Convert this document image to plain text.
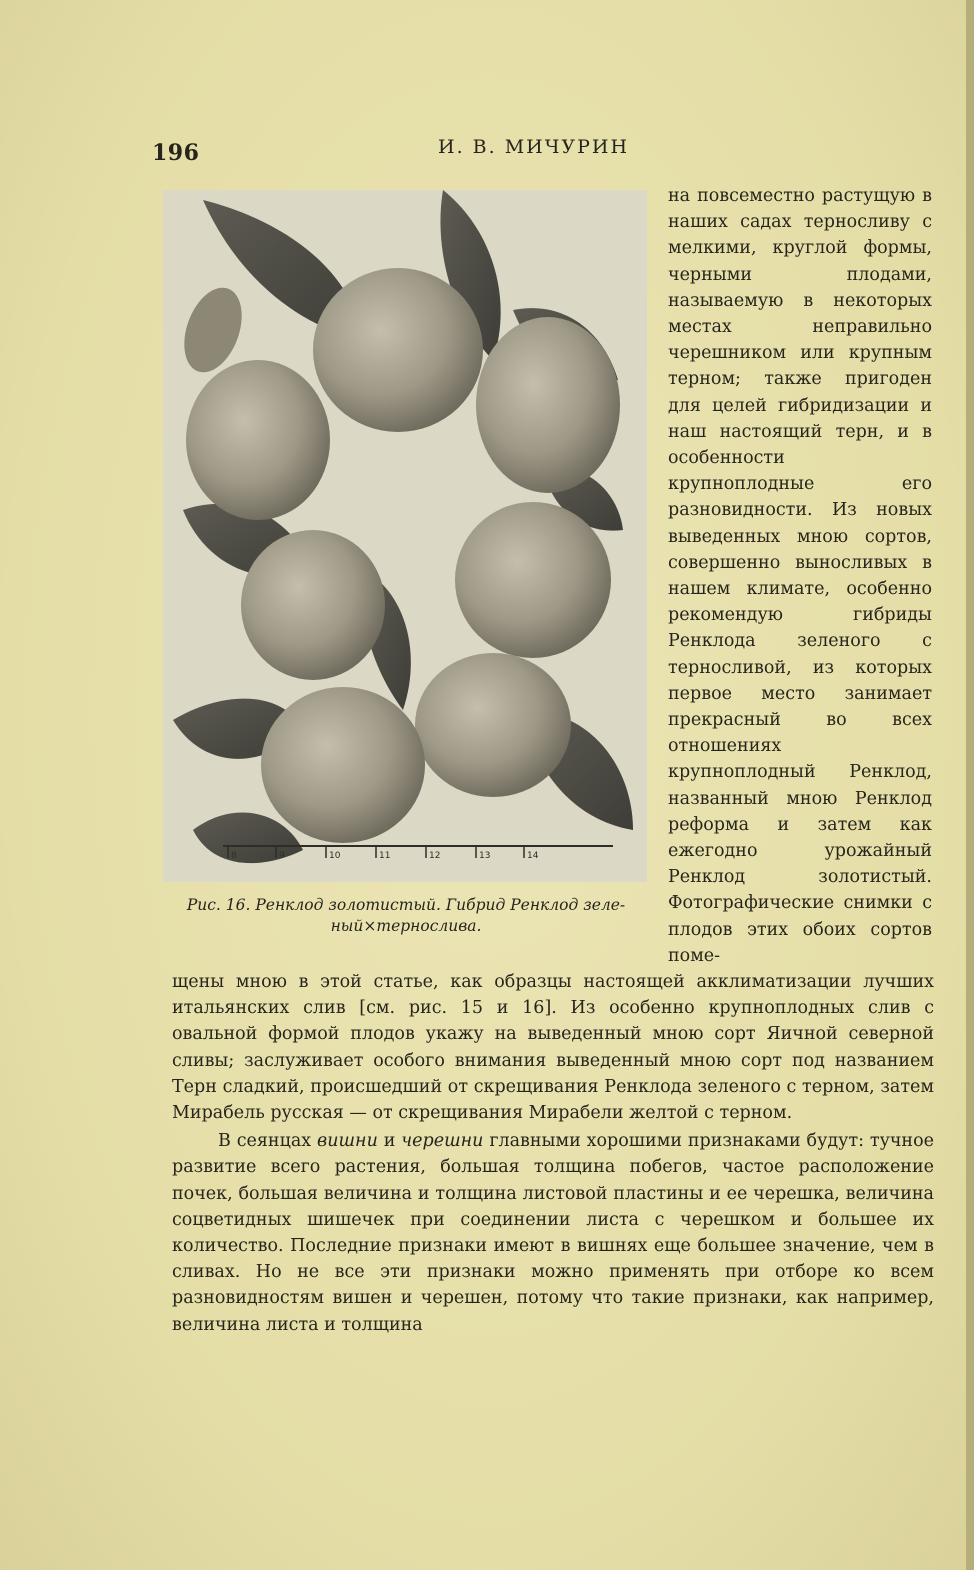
196	И. В. МИЧУРИН
8	9	10	11	12	13	14
Рис. 16. Ренклод золотистый. Гибрид Ренклод зеле-
ный×тернослива.

на повсеместно растущую в наших садах терносливу с мелкими, круглой формы, черными плодами, называемую в некоторых местах неправильно черешником или крупным терном; также пригоден для целей гибридизации и наш настоящий терн, и в особенности крупноплодные его разновидности. Из новых выведенных мною сортов, совершенно выносливых в нашем климате, особенно рекомендую гибриды Ренклода зеленого с терносливой, из которых первое место занимает прекрасный во всех отношениях крупноплодный Ренклод, названный мною Ренклод реформа и затем как ежегодно урожайный Ренклод золотистый. Фотографические снимки с плодов этих обоих сортов поме-

щены мною в этой статье, как образцы настоящей акклиматизации лучших итальянских слив [см. рис. 15 и 16]. Из особенно крупноплодных слив с овальной формой плодов укажу на выведенный мною сорт Яичной северной сливы; заслуживает особого внимания выведенный мною сорт под названием Терн сладкий, происшедший от скрещивания Ренклода зеленого с терном, затем Мирабель русская — от скрещивания Мирабели желтой с терном.

В сеянцах вишни и черешни главными хорошими признаками будут: тучное развитие всего растения, большая толщина побегов, частое расположение почек, большая величина и толщина листовой пластины и ее черешка, величина соцветидных шишечек при соединении листа с черешком и большее их количество. Последние признаки имеют в вишнях еще большее значение, чем в сливах. Но не все эти признаки можно применять при отборе ко всем разновидностям вишен и черешен, потому что такие признаки, как например, величина листа и толщина
